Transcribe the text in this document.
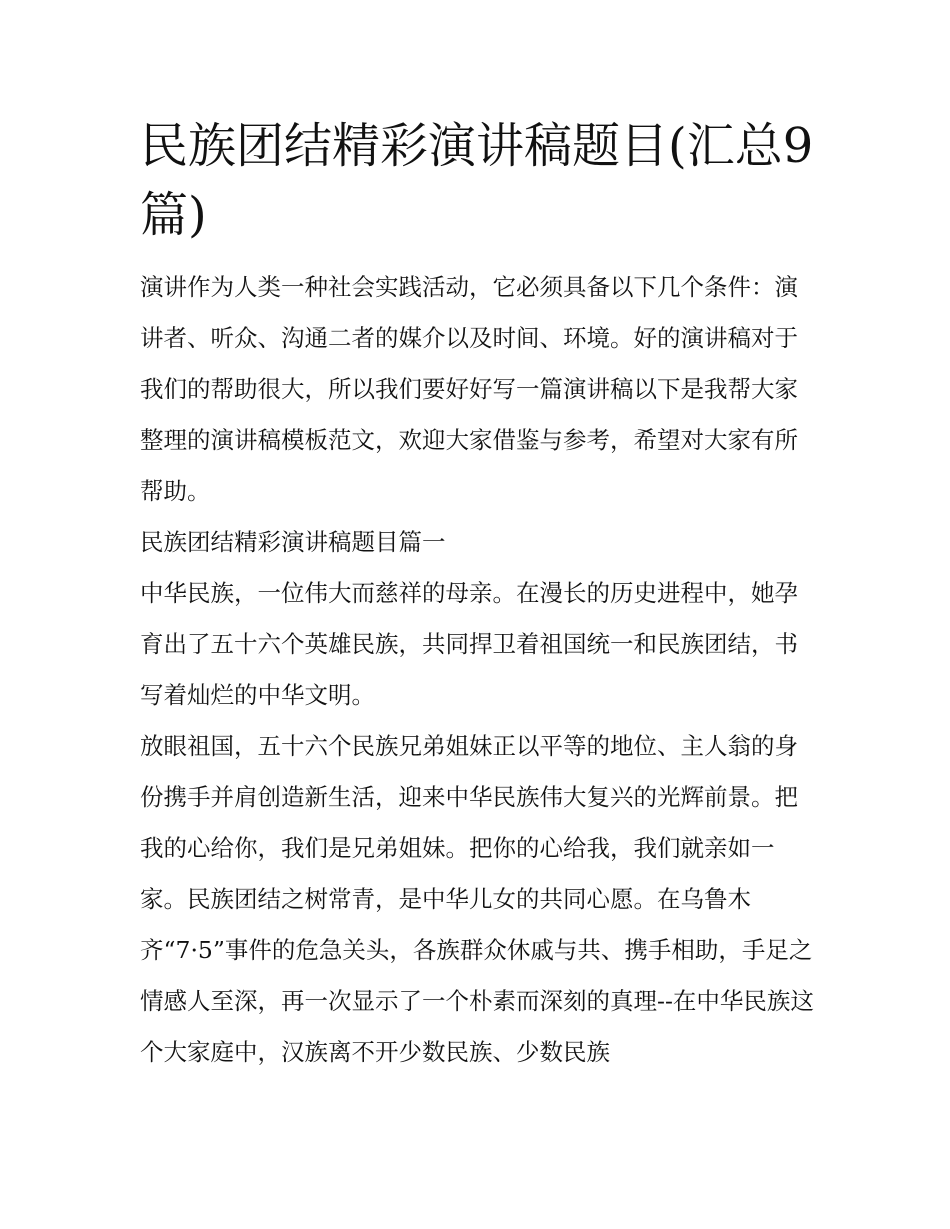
民族团结精彩演讲稿题目(汇总9篇)

演讲作为人类一种社会实践活动，它必须具备以下几个条件：演讲者、听众、沟通二者的媒介以及时间、环境。好的演讲稿对于我们的帮助很大，所以我们要好好写一篇演讲稿以下是我帮大家整理的演讲稿模板范文，欢迎大家借鉴与参考，希望对大家有所帮助。

民族团结精彩演讲稿题目篇一

中华民族，一位伟大而慈祥的母亲。在漫长的历史进程中，她孕育出了五十六个英雄民族，共同捍卫着祖国统一和民族团结，书写着灿烂的中华文明。

放眼祖国，五十六个民族兄弟姐妹正以平等的地位、主人翁的身份携手并肩创造新生活，迎来中华民族伟大复兴的光辉前景。把我的心给你，我们是兄弟姐妹。把你的心给我，我们就亲如一家。民族团结之树常青，是中华儿女的共同心愿。在乌鲁木齐“7·5”事件的危急关头，各族群众休戚与共、携手相助，手足之情感人至深，再一次显示了一个朴素而深刻的真理--在中华民族这个大家庭中，汉族离不开少数民族、少数民族
